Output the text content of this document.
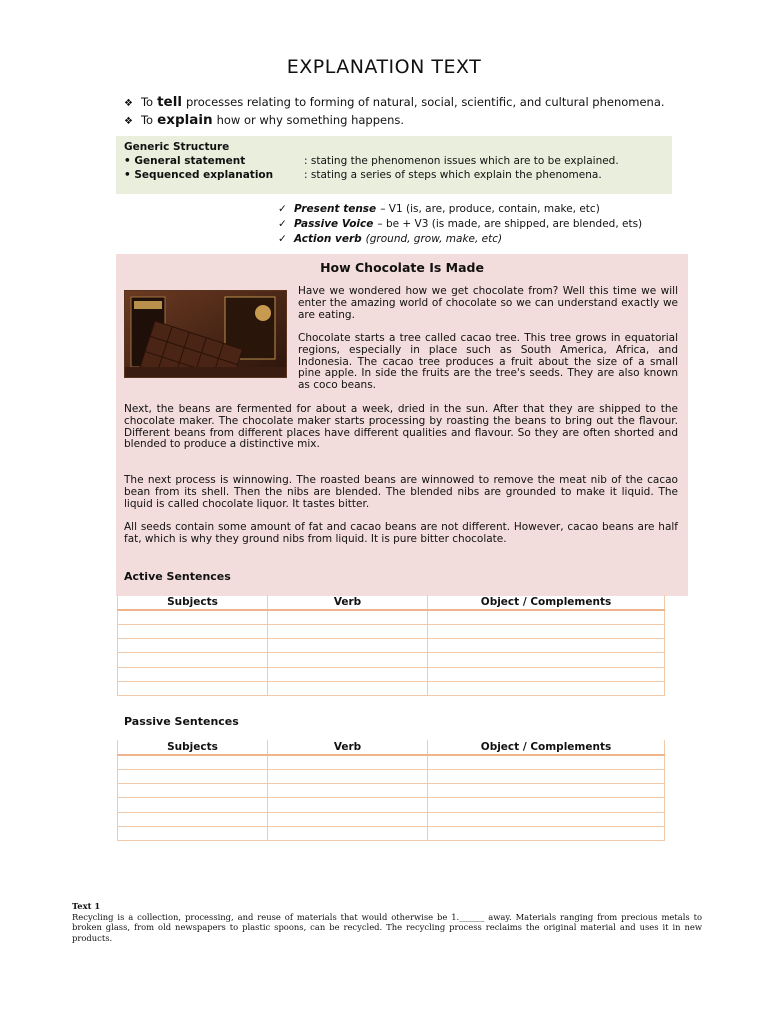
EXPLANATION TEXT
❖ To tell processes relating to forming of natural, social, scientific, and cultural phenomena.
❖ To explain how or why something happens.
Generic Structure
• General statement	: stating the phenomenon issues which are to be explained.
• Sequenced explanation	: stating a series of steps which explain the phenomena.
✓ Present tense – V1 (is, are, produce, contain, make, etc)
✓ Passive Voice – be + V3 (is made, are shipped, are blended, ets)
✓ Action verb (ground, grow, make, etc)
How Chocolate Is Made
Have we wondered how we get chocolate from? Well this time we will enter the amazing world of chocolate so we can understand exactly we are eating.
Chocolate starts a tree called cacao tree. This tree grows in equatorial regions, especially in place such as South America, Africa, and Indonesia. The cacao tree produces a fruit about the size of a small pine apple. In side the fruits are the tree's seeds. They are also known as coco beans.
Next, the beans are fermented for about a week, dried in the sun. After that they are shipped to the chocolate maker. The chocolate maker starts processing by roasting the beans to bring out the flavour. Different beans from different places have different qualities and flavour. So they are often shorted and blended to produce a distinctive mix.
The next process is winnowing. The roasted beans are winnowed to remove the meat nib of the cacao bean from its shell. Then the nibs are blended. The blended nibs are grounded to make it liquid. The liquid is called chocolate liquor. It tastes bitter.
All seeds contain some amount of fat and cacao beans are not different. However, cacao beans are half fat, which is why they ground nibs from liquid. It is pure bitter chocolate.
Active Sentences
Subjects	Verb	Object / Complements

Passive Sentences
Subjects	Verb	Object / Complements

Text 1
Recycling is a collection, processing, and reuse of materials that would otherwise be 1.______ away. Materials ranging from precious metals to broken glass, from old newspapers to plastic spoons, can be recycled. The recycling process reclaims the original material and uses it in new products.
